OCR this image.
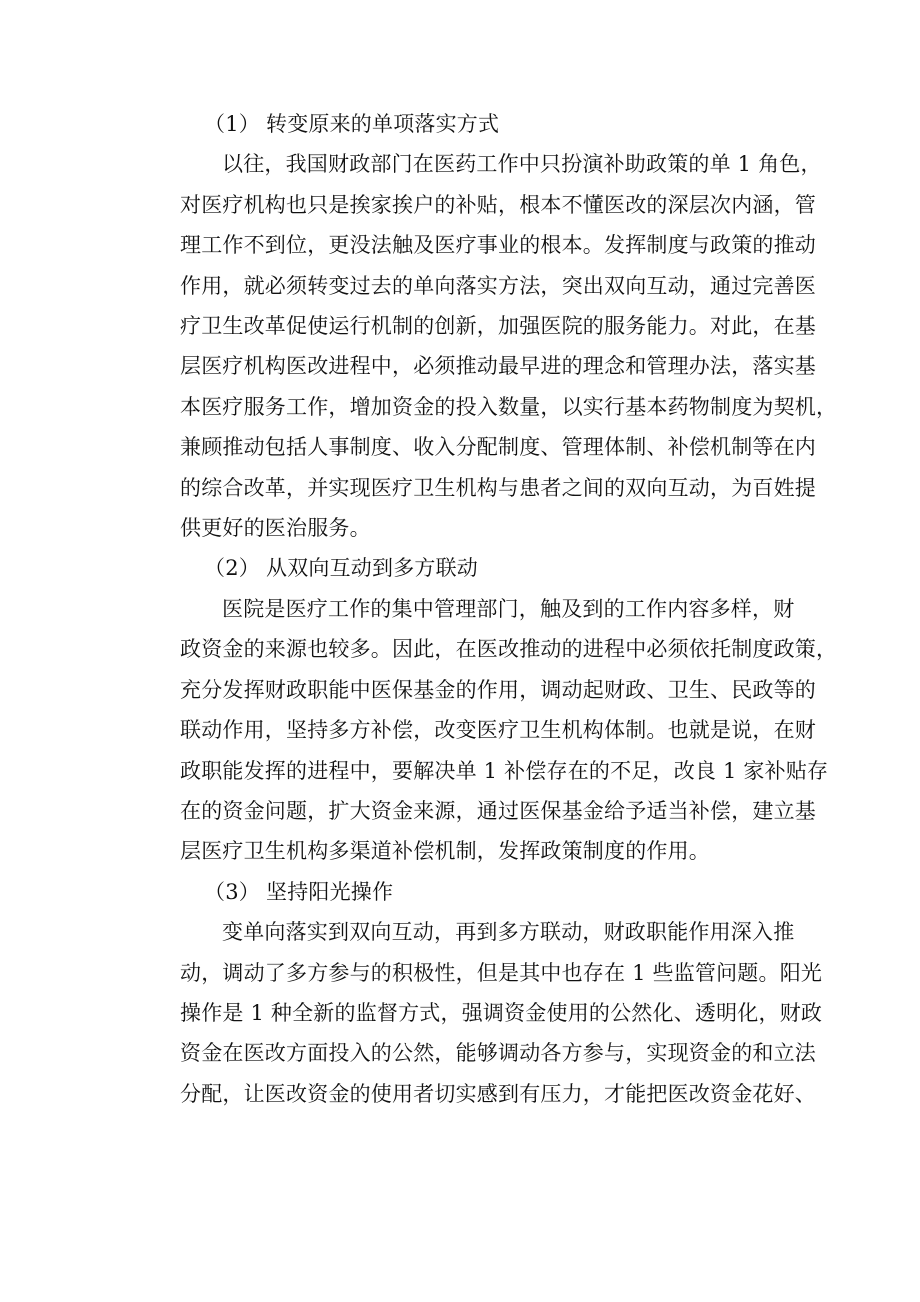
（1） 转变原来的单项落实方式
以往，我国财政部门在医药工作中只扮演补助政策的单 1 角色，
对医疗机构也只是挨家挨户的补贴，根本不懂医改的深层次内涵，管
理工作不到位，更没法触及医疗事业的根本。发挥制度与政策的推动
作用，就必须转变过去的单向落实方法，突出双向互动，通过完善医
疗卫生改革促使运行机制的创新，加强医院的服务能力。对此，在基
层医疗机构医改进程中，必须推动最早进的理念和管理办法，落实基
本医疗服务工作，增加资金的投入数量，以实行基本药物制度为契机，
兼顾推动包括人事制度、收入分配制度、管理体制、补偿机制等在内
的综合改革，并实现医疗卫生机构与患者之间的双向互动，为百姓提
供更好的医治服务。
（2） 从双向互动到多方联动
医院是医疗工作的集中管理部门，触及到的工作内容多样，财
政资金的来源也较多。因此，在医改推动的进程中必须依托制度政策，
充分发挥财政职能中医保基金的作用，调动起财政、卫生、民政等的
联动作用，坚持多方补偿，改变医疗卫生机构体制。也就是说，在财
政职能发挥的进程中，要解决单 1 补偿存在的不足，改良 1 家补贴存
在的资金问题，扩大资金来源，通过医保基金给予适当补偿，建立基
层医疗卫生机构多渠道补偿机制，发挥政策制度的作用。
（3） 坚持阳光操作
变单向落实到双向互动，再到多方联动，财政职能作用深入推
动，调动了多方参与的积极性，但是其中也存在 1 些监管问题。阳光
操作是 1 种全新的监督方式，强调资金使用的公然化、透明化，财政
资金在医改方面投入的公然，能够调动各方参与，实现资金的和立法
分配，让医改资金的使用者切实感到有压力，才能把医改资金花好、
